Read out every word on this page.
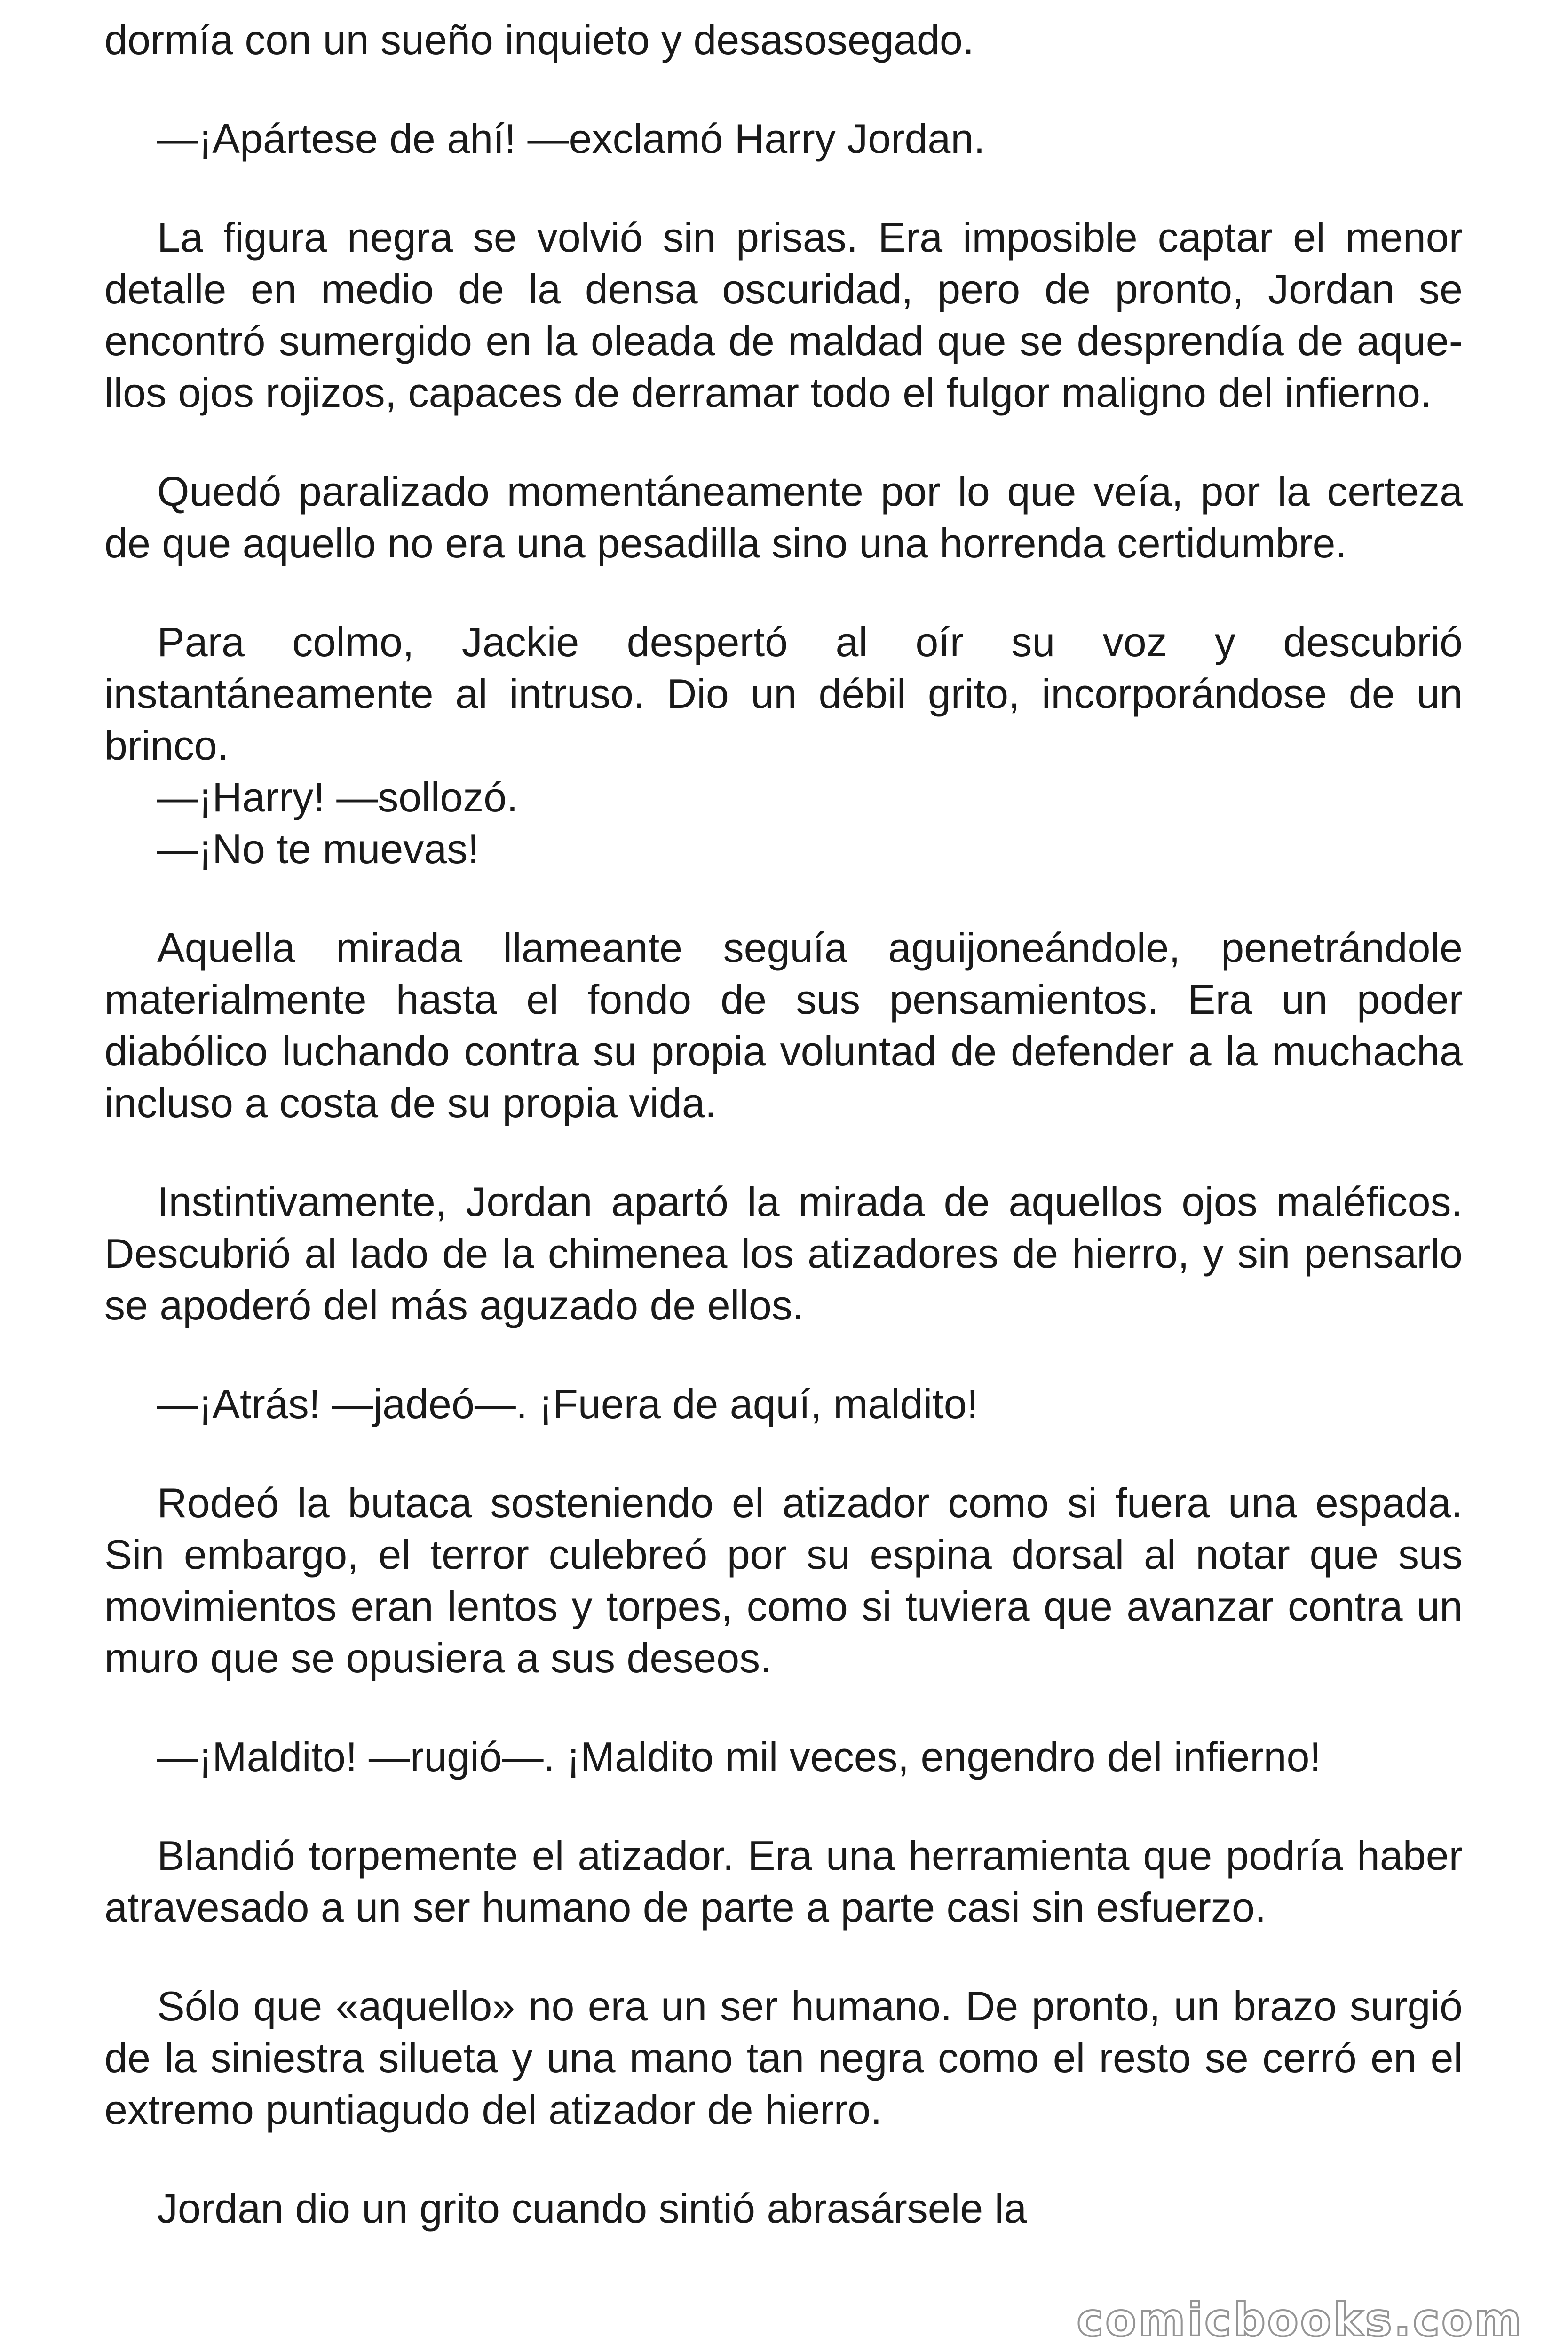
dormía con un sueño inquieto y desasosegado.

—¡Apártese de ahí! —exclamó Harry Jordan.

La figura negra se volvió sin prisas. Era imposible captar el menor detalle en medio de la densa oscuridad, pero de pronto, Jordan se encontró sumergido en la oleada de maldad que se desprendía de aque- llos ojos rojizos, capaces de derramar todo el fulgor maligno del infierno.

Quedó paralizado momentáneamente por lo que veía, por la certeza de que aquello no era una pesadilla sino una horrenda certidumbre.

Para colmo, Jackie despertó al oír su voz y descubrió instantáneamente al intruso. Dio un débil grito, incorporándose de un brinco.

—¡Harry! —sollozó.

—¡No te muevas!

Aquella mirada llameante seguía aguijoneándole, penetrándole materialmente hasta el fondo de sus pensamientos. Era un poder diabólico luchando contra su propia voluntad de defender a la muchacha incluso a costa de su propia vida.

Instintivamente, Jordan apartó la mirada de aquellos ojos maléficos. Descubrió al lado de la chimenea los atizadores de hierro, y sin pensarlo se apoderó del más aguzado de ellos.

—¡Atrás! —jadeó—. ¡Fuera de aquí, maldito!

Rodeó la butaca sosteniendo el atizador como si fuera una espada. Sin embargo, el terror culebreó por su espina dorsal al notar que sus movimientos eran lentos y torpes, como si tuviera que avanzar contra un muro que se opusiera a sus deseos.

—¡Maldito! —rugió—. ¡Maldito mil veces, engendro del infierno!

Blandió torpemente el atizador. Era una herramienta que podría haber atravesado a un ser humano de parte a parte casi sin esfuerzo.

Sólo que «aquello» no era un ser humano. De pronto, un brazo surgió de la siniestra silueta y una mano tan negra como el resto se cerró en el extremo puntiagudo del atizador de hierro.

Jordan dio un grito cuando sintió abrasársele la

comicbooks.com
